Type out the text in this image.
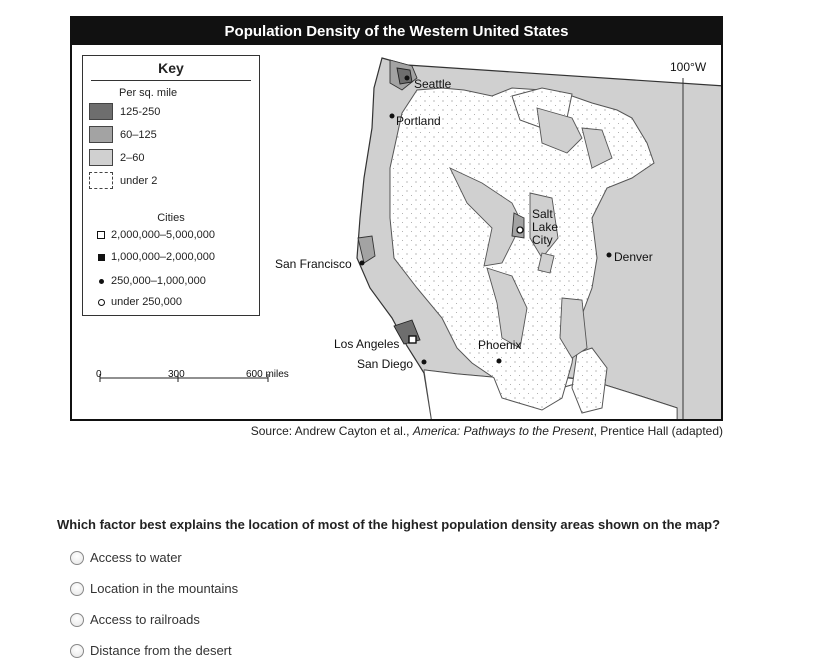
Population Density of the Western United States
100°W
Key
Per sq. mile
125-250
60–125
2–60
under 2
Cities
2,000,000–5,000,000
1,000,000–2,000,000
250,000–1,000,000
under 250,000
0	300	600 miles
Seattle
Portland
San Francisco
Salt
Lake
City
Denver
Los Angeles
San Diego
Phoenix
Source: Andrew Cayton et al., America: Pathways to the Present, Prentice Hall (adapted)
Which factor best explains the location of most of the highest population density areas shown on the map?
Access to water
Location in the mountains
Access to railroads
Distance from the desert
